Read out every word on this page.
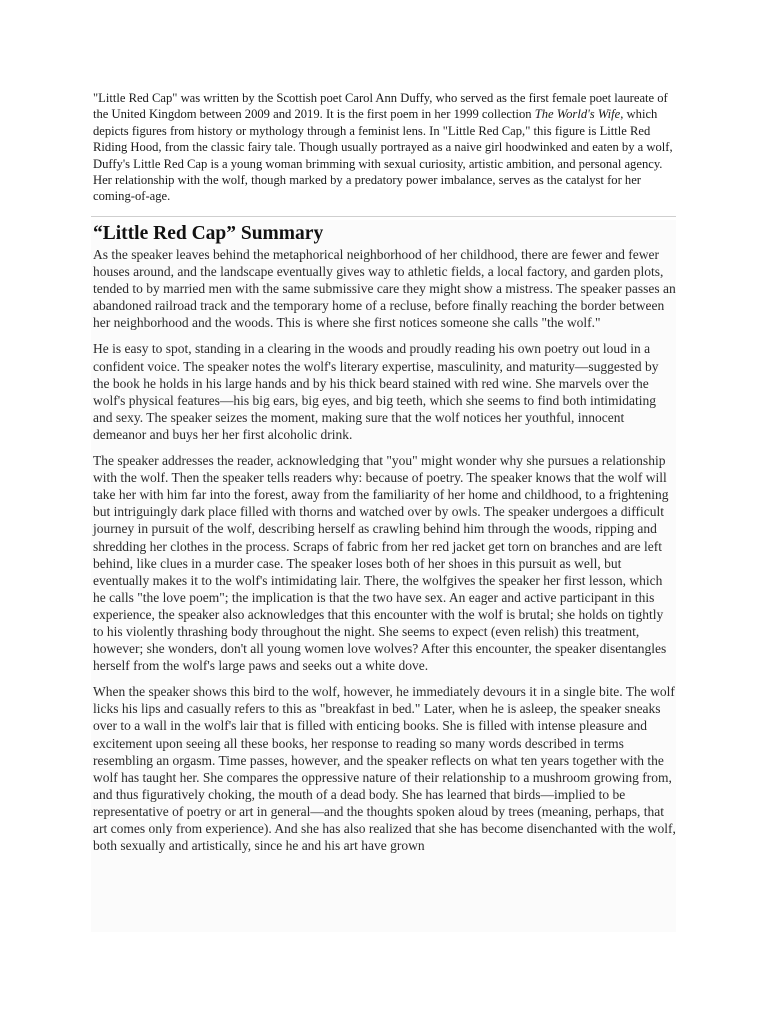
"Little Red Cap" was written by the Scottish poet Carol Ann Duffy, who served as the first female poet laureate of the United Kingdom between 2009 and 2019. It is the first poem in her 1999 collection The World's Wife, which depicts figures from history or mythology through a feminist lens. In "Little Red Cap," this figure is Little Red Riding Hood, from the classic fairy tale. Though usually portrayed as a naive girl hoodwinked and eaten by a wolf, Duffy's Little Red Cap is a young woman brimming with sexual curiosity, artistic ambition, and personal agency. Her relationship with the wolf, though marked by a predatory power imbalance, serves as the catalyst for her coming-of-age.

“Little Red Cap” Summary

As the speaker leaves behind the metaphorical neighborhood of her childhood, there are fewer and fewer houses around, and the landscape eventually gives way to athletic fields, a local factory, and garden plots, tended to by married men with the same submissive care they might show a mistress. The speaker passes an abandoned railroad track and the temporary home of a recluse, before finally reaching the border between her neighborhood and the woods. This is where she first notices someone she calls "the wolf."

He is easy to spot, standing in a clearing in the woods and proudly reading his own poetry out loud in a confident voice. The speaker notes the wolf's literary expertise, masculinity, and maturity—suggested by the book he holds in his large hands and by his thick beard stained with red wine. She marvels over the wolf's physical features—his big ears, big eyes, and big teeth, which she seems to find both intimidating and sexy. The speaker seizes the moment, making sure that the wolf notices her youthful, innocent demeanor and buys her her first alcoholic drink.

The speaker addresses the reader, acknowledging that "you" might wonder why she pursues a relationship with the wolf. Then the speaker tells readers why: because of poetry. The speaker knows that the wolf will take her with him far into the forest, away from the familiarity of her home and childhood, to a frightening but intriguingly dark place filled with thorns and watched over by owls. The speaker undergoes a difficult journey in pursuit of the wolf, describing herself as crawling behind him through the woods, ripping and shredding her clothes in the process. Scraps of fabric from her red jacket get torn on branches and are left behind, like clues in a murder case. The speaker loses both of her shoes in this pursuit as well, but eventually makes it to the wolf's intimidating lair. There, the wolfgives the speaker her first lesson, which he calls "the love poem"; the implication is that the two have sex. An eager and active participant in this experience, the speaker also acknowledges that this encounter with the wolf is brutal; she holds on tightly to his violently thrashing body throughout the night. She seems to expect (even relish) this treatment, however; she wonders, don't all young women love wolves? After this encounter, the speaker disentangles herself from the wolf's large paws and seeks out a white dove.

When the speaker shows this bird to the wolf, however, he immediately devours it in a single bite. The wolf licks his lips and casually refers to this as "breakfast in bed." Later, when he is asleep, the speaker sneaks over to a wall in the wolf's lair that is filled with enticing books. She is filled with intense pleasure and excitement upon seeing all these books, her response to reading so many words described in terms resembling an orgasm. Time passes, however, and the speaker reflects on what ten years together with the wolf has taught her. She compares the oppressive nature of their relationship to a mushroom growing from, and thus figuratively choking, the mouth of a dead body. She has learned that birds—implied to be representative of poetry or art in general—and the thoughts spoken aloud by trees (meaning, perhaps, that art comes only from experience). And she has also realized that she has become disenchanted with the wolf, both sexually and artistically, since he and his art have grown
